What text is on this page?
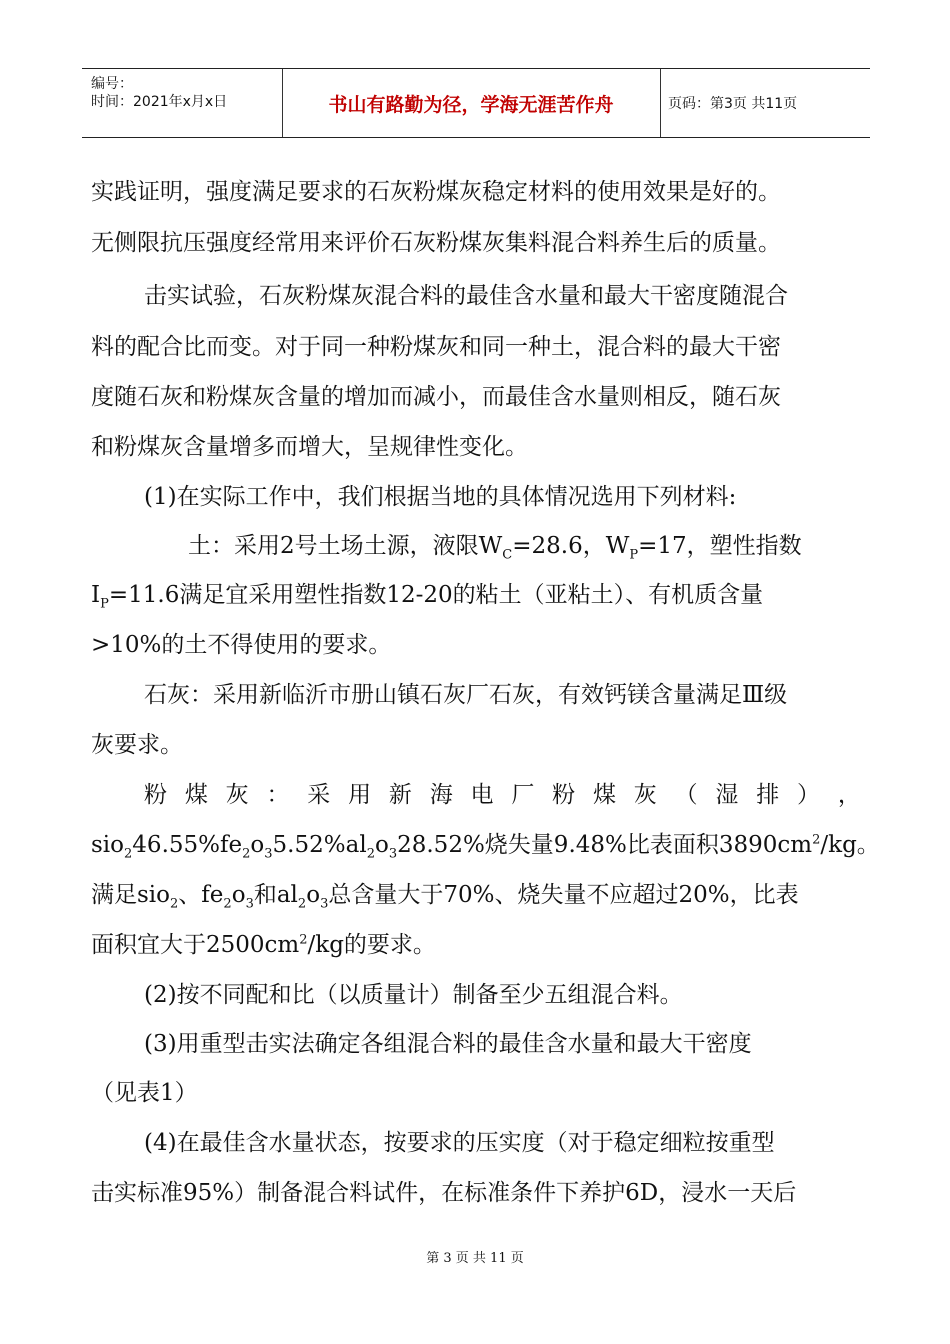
编号：
时间：2021年x月x日	书山有路勤为径，学海无涯苦作舟	页码：第3页 共11页
实践证明，强度满足要求的石灰粉煤灰稳定材料的使用效果是好的。
无侧限抗压强度经常用来评价石灰粉煤灰集料混合料养生后的质量。
击实试验，石灰粉煤灰混合料的最佳含水量和最大干密度随混合
料的配合比而变。对于同一种粉煤灰和同一种土，混合料的最大干密
度随石灰和粉煤灰含量的增加而减小，而最佳含水量则相反，随石灰
和粉煤灰含量增多而增大，呈规律性变化。
(1)在实际工作中，我们根据当地的具体情况选用下列材料:
土：采用2号土场土源，液限$W_C=28.6$，$W_P=17$，塑性指数
$I_P=11.6$满足宜采用塑性指数12-20的粘土（亚粘土）、有机质含量
>10%的土不得使用的要求。
石灰：采用新临沂市册山镇石灰厂石灰，有效钙镁含量满足Ⅲ级
灰要求。
粉 煤 灰 ： 采 用 新 海 电 厂 粉 煤 灰 （ 湿 排 ） ，
$sio_246.55\%fe_2o_35.52\%al_2o_328.52\%$烧失量9.48%比表面积$3890cm^2/kg$。
满足sio$_2$、$fe_2o_3$和$al_2o_3$总含量大于70%、烧失量不应超过20%，比表
面积宜大于$2500cm^2/kg$的要求。
(2)按不同配和比（以质量计）制备至少五组混合料。
(3)用重型击实法确定各组混合料的最佳含水量和最大干密度
（见表1）
(4)在最佳含水量状态，按要求的压实度（对于稳定细粒按重型
击实标准95%）制备混合料试件，在标准条件下养护6D，浸水一天后
第 3 页 共 11 页
